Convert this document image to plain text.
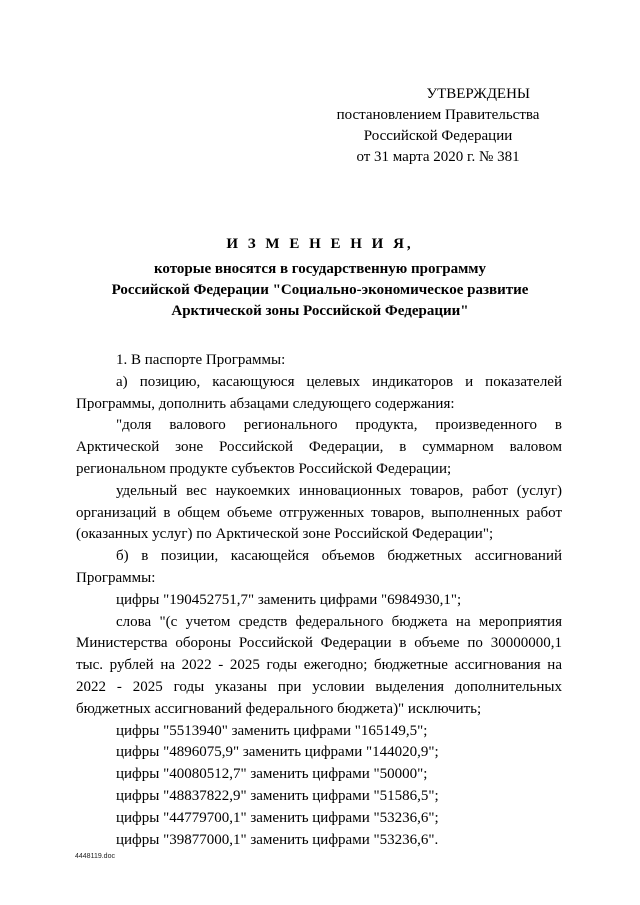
УТВЕРЖДЕНЫ
постановлением Правительства
Российской Федерации
от 31 марта 2020 г. № 381
И З М Е Н Е Н И Я,
которые вносятся в государственную программу
Российской Федерации "Социально-экономическое развитие
Арктической зоны Российской Федерации"

1. В паспорте Программы:

а) позицию, касающуюся целевых индикаторов и показателей Программы, дополнить абзацами следующего содержания:

"доля валового регионального продукта, произведенного в Арктической зоне Российской Федерации, в суммарном валовом региональном продукте субъектов Российской Федерации;

удельный вес наукоемких инновационных товаров, работ (услуг) организаций в общем объеме отгруженных товаров, выполненных работ (оказанных услуг) по Арктической зоне Российской Федерации";

б) в позиции, касающейся объемов бюджетных ассигнований Программы:

цифры "190452751,7" заменить цифрами "6984930,1";

слова "(с учетом средств федерального бюджета на мероприятия Министерства обороны Российской Федерации в объеме по 30000000,1 тыс. рублей на 2022 - 2025 годы ежегодно; бюджетные ассигнования на 2022 - 2025 годы указаны при условии выделения дополнительных бюджетных ассигнований федерального бюджета)" исключить;

цифры "5513940" заменить цифрами "165149,5";

цифры "4896075,9" заменить цифрами "144020,9";

цифры "40080512,7" заменить цифрами "50000";

цифры "48837822,9" заменить цифрами "51586,5";

цифры "44779700,1" заменить цифрами "53236,6";

цифры "39877000,1" заменить цифрами "53236,6".

4448119.doc
